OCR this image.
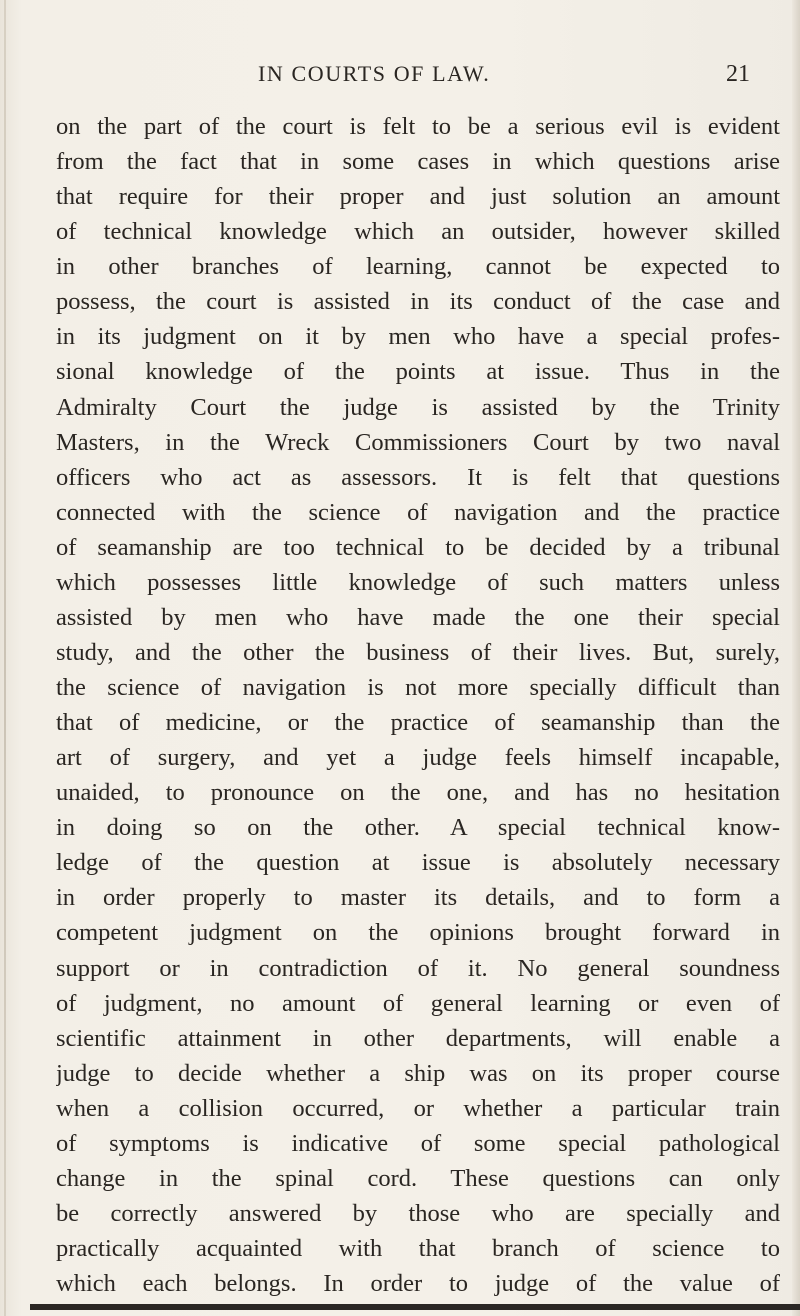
IN COURTS OF LAW.	21
on the part of the court is felt to be a serious evil is evident
from the fact that in some cases in which questions arise
that require for their proper and just solution an amount
of technical knowledge which an outsider, however skilled
in other branches of learning, cannot be expected to
possess, the court is assisted in its conduct of the case and
in its judgment on it by men who have a special profes-
sional knowledge of the points at issue. Thus in the
Admiralty Court the judge is assisted by the Trinity
Masters, in the Wreck Commissioners Court by two naval
officers who act as assessors. It is felt that questions
connected with the science of navigation and the practice
of seamanship are too technical to be decided by a tribunal
which possesses little knowledge of such matters unless
assisted by men who have made the one their special
study, and the other the business of their lives. But, surely,
the science of navigation is not more specially difficult than
that of medicine, or the practice of seamanship than the
art of surgery, and yet a judge feels himself incapable,
unaided, to pronounce on the one, and has no hesitation
in doing so on the other. A special technical know-
ledge of the question at issue is absolutely necessary
in order properly to master its details, and to form a
competent judgment on the opinions brought forward in
support or in contradiction of it. No general soundness
of judgment, no amount of general learning or even of
scientific attainment in other departments, will enable a
judge to decide whether a ship was on its proper course
when a collision occurred, or whether a particular train
of symptoms is indicative of some special pathological
change in the spinal cord. These questions can only
be correctly answered by those who are specially and
practically acquainted with that branch of science to
which each belongs. In order to judge of the value of
